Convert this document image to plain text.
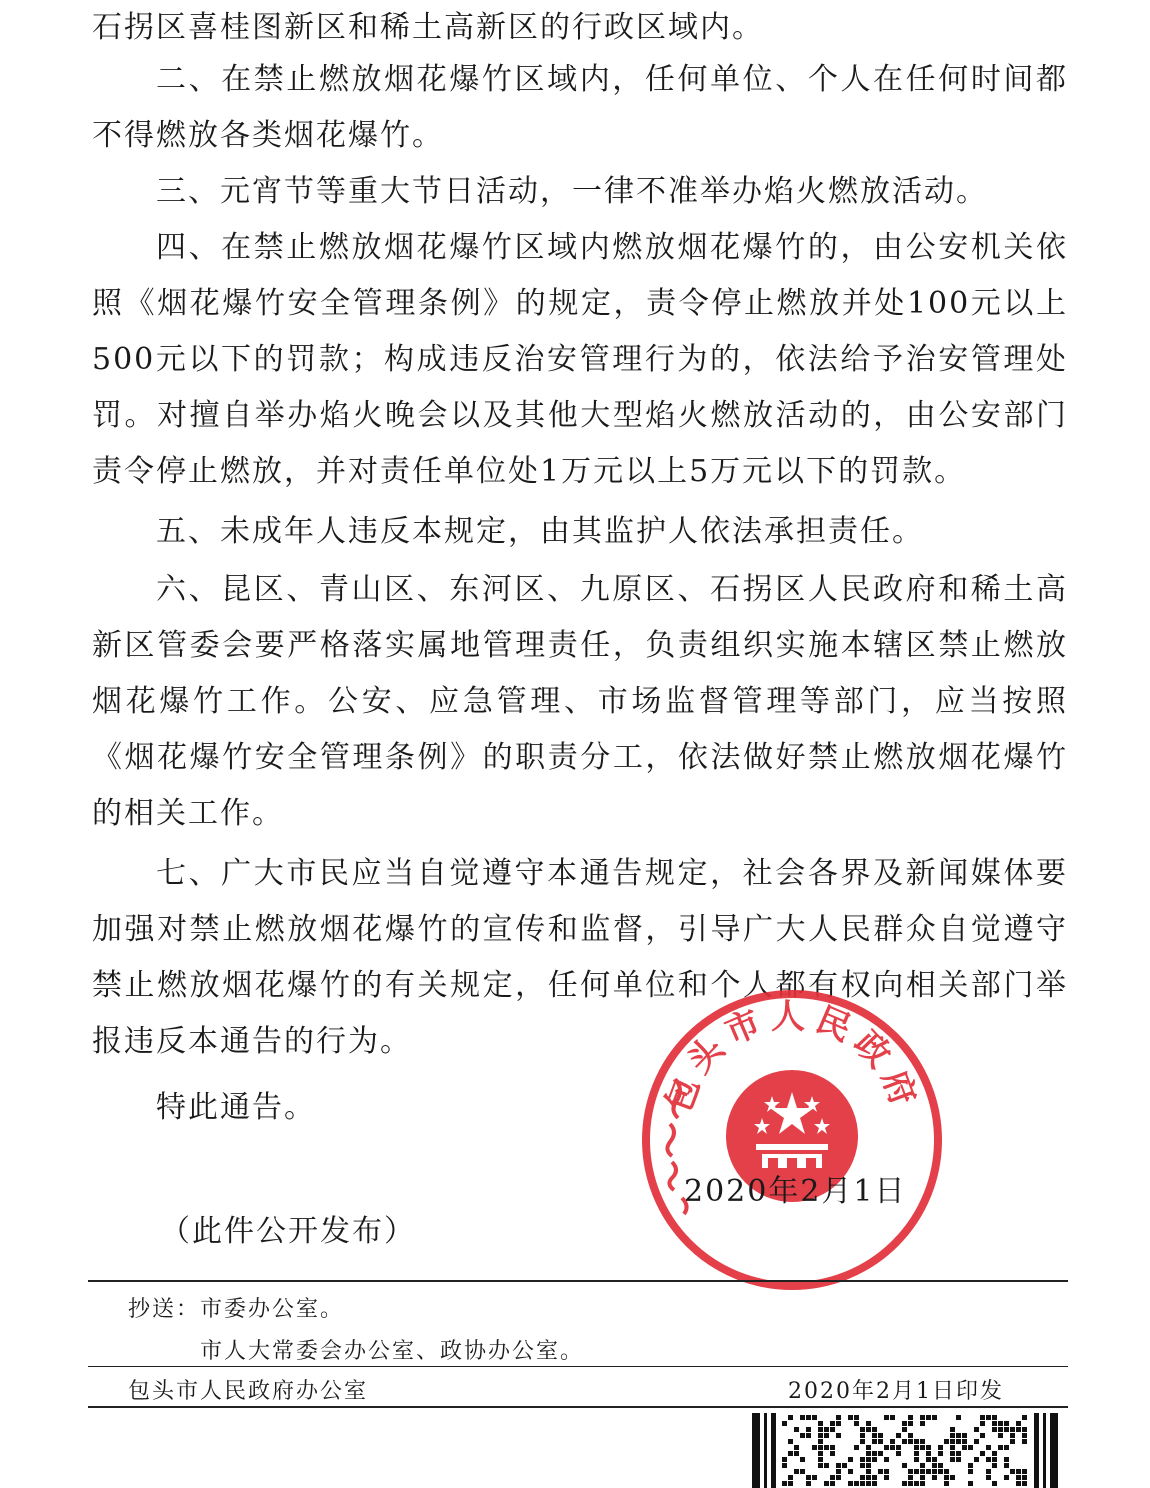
石拐区喜桂图新区和稀土高新区的行政区域内。

二、在禁止燃放烟花爆竹区域内，任何单位、个人在任何时间都不得燃放各类烟花爆竹。

三、元宵节等重大节日活动，一律不准举办焰火燃放活动。

四、在禁止燃放烟花爆竹区域内燃放烟花爆竹的，由公安机关依照《烟花爆竹安全管理条例》的规定，责令停止燃放并处100元以上500元以下的罚款；构成违反治安管理行为的，依法给予治安管理处罚。对擅自举办焰火晚会以及其他大型焰火燃放活动的，由公安部门责令停止燃放，并对责任单位处1万元以上5万元以下的罚款。

五、未成年人违反本规定，由其监护人依法承担责任。

六、昆区、青山区、东河区、九原区、石拐区人民政府和稀土高新区管委会要严格落实属地管理责任，负责组织实施本辖区禁止燃放烟花爆竹工作。公安、应急管理、市场监督管理等部门，应当按照《烟花爆竹安全管理条例》的职责分工，依法做好禁止燃放烟花爆竹的相关工作。

七、广大市民应当自觉遵守本通告规定，社会各界及新闻媒体要加强对禁止燃放烟花爆竹的宣传和监督，引导广大人民群众自觉遵守禁止燃放烟花爆竹的有关规定，任何单位和个人都有权向相关部门举报违反本通告的行为。

特此通告。	包头市人民政府
2020年2月1日

（此件公开发布）

抄送： 市委办公室。
市人大常委会办公室、政协办公室。
包头市人民政府办公室	2020年2月1日印发
